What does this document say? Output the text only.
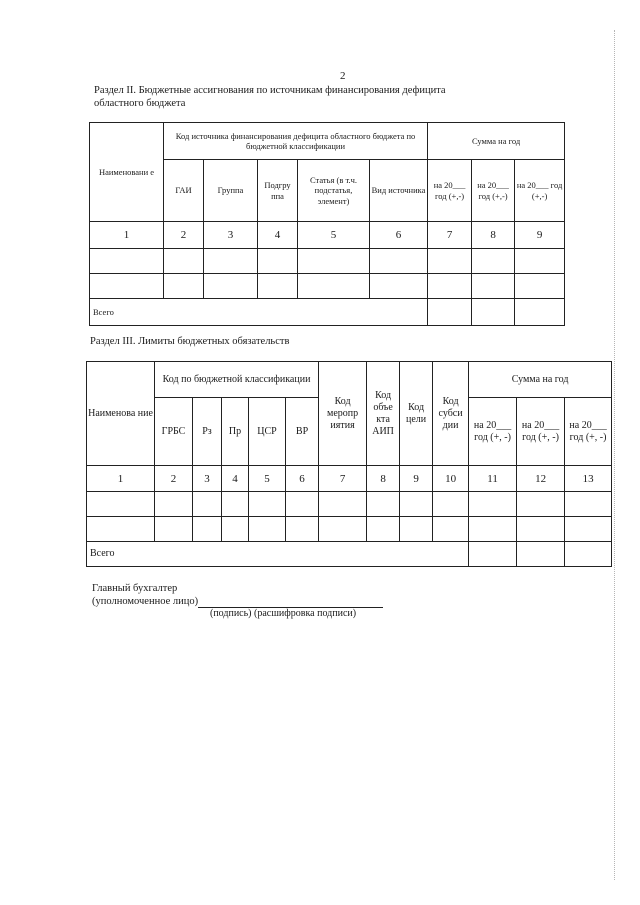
2
Раздел II. Бюджетные ассигнования по источникам финансирования дефицита
областного бюджета
Наименовани е	Код источника финансирования дефицита областного бюджета по бюджетной классификации					Сумма на год		
	ГАИ	Группа	Подгру ппа	Статья (в т.ч. подстатья, элемент)	Вид источника	на 20___ год (+,-)	на 20___ год (+,-)	на 20___ год (+,-)
1	2	3	4	5	6	7	8	9

Всего								
Раздел III. Лимиты бюджетных обязательств
Наименова ние	Код по бюджетной классификации					Код меропр иятия	Код объе кта АИП	Код цели	Код субси дии	Сумма на год		
	ГРБС	Рз	Пр	ЦСР	ВР					на 20___ год (+, -)	на 20___ год (+, -)	на 20___ год (+, -)
1	2	3	4	5	6	7	8	9	10	11	12	13

Всего												
Главный бухгалтер
(уполномоченное лицо)
(подпись) (расшифровка подписи)
